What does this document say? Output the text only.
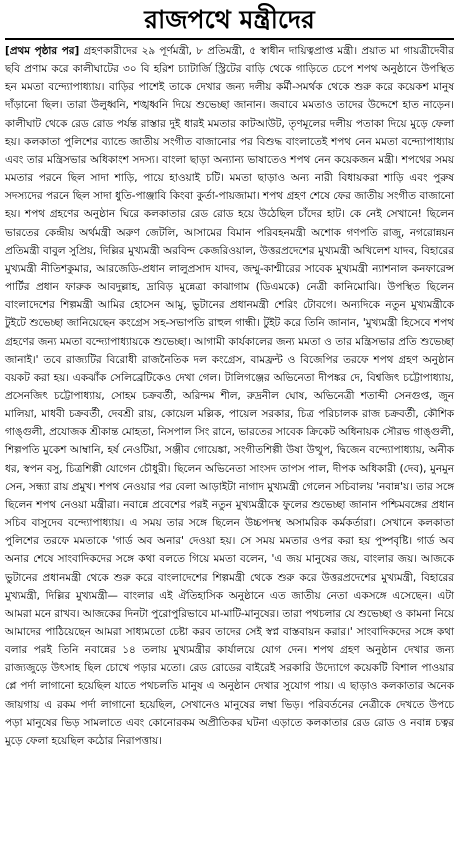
রাজপথে মন্ত্রীদের
[প্রথম পৃষ্ঠার পর] গ্রহণকারীদের ২৯ পূর্ণমন্ত্রী, ৮ প্রতিমন্ত্রী, ৫ স্বাধীন দায়িত্বপ্রাপ্ত মন্ত্রী। প্রয়াত মা গায়ত্রীদেবীর ছবি প্রণাম করে কালীঘাটের ৩০ বি হরিশ চ্যাটার্জি স্ট্রিটের বাড়ি থেকে গাড়িতে চেপে শপথ অনুষ্ঠানে উপস্থিত হন মমতা বন্দ্যোপাধ্যায়। বাড়ির পাশেই তাকে দেখার জন্য দলীয় কর্মী-সমর্থক থেকে শুরু করে কয়েকশ মানুষ দাঁড়ানো ছিল। তারা উলুধ্বনি, শঙ্খধ্বনি দিয়ে শুভেচ্ছা জানান। জবাবে মমতাও তাদের উদ্দেশে হাত নাড়েন। কালীঘাট থেকে রেড রোড পর্যন্ত রাস্তার দুই ধারই মমতার কাটআউট, তৃণমূলের দলীয় পতাকা দিয়ে মুড়ে ফেলা হয়। কলকাতা পুলিশের ব্যান্ডে জাতীয় সংগীত বাজানোর পর বিশুদ্ধ বাংলাতেই শপথ নেন মমতা বন্দ্যোপাধ্যায় এবং তার মন্ত্রিসভার অধিকাংশ সদস্য। বাংলা ছাড়া অন্যান্য ভাষাতেও শপথ নেন কয়েকজন মন্ত্রী। শপথের সময় মমতার পরনে ছিল সাদা শাড়ি, পায়ে হাওয়াই চটি। মমতা ছাড়াও অন্য নারী বিধায়করা শাড়ি এবং পুরুষ সদস্যদের পরনে ছিল সাদা ধুতি-পাঞ্জাবি কিংবা কুর্তা-পায়জামা। শপথ গ্রহণ শেষে ফের জাতীয় সংগীত বাজানো হয়। শপথ গ্রহণের অনুষ্ঠান ঘিরে কলকাতার রেড রোড হয়ে উঠেছিল চাঁদের হাট। কে নেই সেখানে! ছিলেন ভারতের কেন্দ্রীয় অর্থমন্ত্রী অরুণ জেটলি, আসামের বিমান পরিবহনমন্ত্রী অশোক গণপতি রাজু, নগরোন্নয়ন প্রতিমন্ত্রী বাবুল সুপ্রিয়, দিল্লির মুখ্যমন্ত্রী অরবিন্দ কেজরিওয়াল, উত্তরপ্রদেশের মুখ্যমন্ত্রী অখিলেশ যাদব, বিহারের মুখ্যমন্ত্রী নীতিশকুমার, আরজেডি-প্রধান লালুপ্রসাদ যাদব, জম্মু-কাশ্মীরের সাবেক মুখ্যমন্ত্রী ন্যাশনাল কনফারেন্স পার্টির প্রধান ফারুক আবদুল্লাহ, দ্রাবিড় মুন্নেত্রা কাঝাগাম (ডিএমকে) নেত্রী কানিমোঝি। উপস্থিত ছিলেন বাংলাদেশের শিল্পমন্ত্রী আমির হোসেন আমু, ভুটানের প্রধানমন্ত্রী শেরিং টোবগে। অন্যদিকে নতুন মুখ্যমন্ত্রীকে টুইটে শুভেচ্ছা জানিয়েছেন কংগ্রেস সহ-সভাপতি রাহুল গান্ধী। টুইট করে তিনি জানান, 'মুখ্যমন্ত্রী হিসেবে শপথ গ্রহণের জন্য মমতা বন্দ্যোপাধ্যায়কে শুভেচ্ছা। আগামী কার্যকালের জন্য মমতা ও তার মন্ত্রিসভার প্রতি শুভেচ্ছা জানাই।' তবে রাজ্যটির বিরোধী রাজনৈতিক দল কংগ্রেস, বামফ্রন্ট ও বিজেপির তরফে শপথ গ্রহণ অনুষ্ঠান বয়কট করা হয়। একঝাঁক সেলিব্রেটিকেও দেখা গেল। টালিগঞ্জের অভিনেতা দীপঙ্কর দে, বিশ্বজিৎ চট্টোপাধ্যায়, প্রসেনজিৎ চট্টোপাধ্যায়, সোহম চক্রবর্তী, অরিন্দম শীল, রুদ্রনীল ঘোষ, অভিনেত্রী শতাব্দী সেনগুপ্ত, জুন মালিয়া, মাধবী চক্রবর্তী, দেবশ্রী রায়, কোয়েল মল্লিক, পায়েল সরকার, চিত্র পরিচালক রাজ চক্রবর্তী, কৌশিক গাঙ্গুলী, প্রযোজক শ্রীকান্ত মোহতা, নিসপাল সিং রানে, ভারতের সাবেক ক্রিকেট অধিনায়ক সৌরভ গাঙ্গুলী, শিল্পপতি মুকেশ আম্বানি, হর্ষ নেওটিয়া, সঞ্জীব গোয়েঙ্কা, সংগীতশিল্পী উষা উত্থুপ, দ্বিজেন বন্দ্যোপাধ্যায়, অনীক ধর, স্বপন বসু, চিত্রশিল্পী যোগেন চৌধুরী। ছিলেন অভিনেতা সাংসদ তাপস পাল, দীপক অধিকারী (দেব), মুনমুন সেন, সন্ধ্যা রায় প্রমুখ। শপথ নেওয়ার পর বেলা আড়াইটা নাগাদ মুখ্যমন্ত্রী গেলেন সচিবালয় 'নবান্ন'য়। তার সঙ্গে ছিলেন শপথ নেওয়া মন্ত্রীরা। নবান্নে প্রবেশের পরই নতুন মুখ্যমন্ত্রীকে ফুলের শুভেচ্ছা জানান পশ্চিমবঙ্গের প্রধান সচিব বাসুদেব বন্দ্যোপাধ্যায়। এ সময় তার সঙ্গে ছিলেন উচ্চপদস্থ অসামরিক কর্মকর্তারা। সেখানে কলকাতা পুলিশের তরফে মমতাকে 'গার্ড অব অনার' দেওয়া হয়। সে সময় মমতার ওপর করা হয় পুষ্পবৃষ্টি। গার্ড অব অনার শেষে সাংবাদিকদের সঙ্গে কথা বলতে গিয়ে মমতা বলেন, 'এ জয় মানুষের জয়, বাংলার জয়। আজকে ভুটানের প্রধানমন্ত্রী থেকে শুরু করে বাংলাদেশের শিল্পমন্ত্রী থেকে শুরু করে উত্তরপ্রদেশের মুখ্যমন্ত্রী, বিহারের মুখ্যমন্ত্রী, দিল্লির মুখ্যমন্ত্রী— বাংলার এই ঐতিহাসিক অনুষ্ঠানে এত জাতীয় নেতা একসঙ্গে এসেছেন। এটা আমরা মনে রাখব। আজকের দিনটা পুরোপুরিভাবে মা-মাটি-মানুষের। তারা পথচলার যে শুভেচ্ছা ও কামনা নিয়ে আমাদের পাঠিয়েছেন আমরা সাধ্যমতো চেষ্টা করব তাদের সেই স্বপ্ন বাস্তবায়ন করার।' সাংবাদিকদের সঙ্গে কথা বলার পরই তিনি নবান্নের ১৪ তলায় মুখ্যমন্ত্রীর কার্যালয়ে যোগ দেন। শপথ গ্রহণ অনুষ্ঠান দেখার জন্য রাজ্যজুড়ে উৎসাহ ছিল চোখে পড়ার মতো। রেড রোডের বাইরেই সরকারি উদ্যোগে কয়েকটি বিশাল পাওয়ার প্লে পর্দা লাগানো হয়েছিল যাতে পথচলতি মানুষ এ অনুষ্ঠান দেখার সুযোগ পায়। এ ছাড়াও কলকাতার অনেক জায়গায় এ রকম পর্দা লাগানো হয়েছিল, সেখানেও মানুষের লম্বা ভিড়। পরিবর্তনের নেত্রীকে দেখতে উপচে পড়া মানুষের ভিড় সামলাতে এবং কোনোরকম অপ্রীতিকর ঘটনা এড়াতে কলকাতার রেড রোড ও নবান্ন চত্বর মুড়ে ফেলা হয়েছিল কঠোর নিরাপত্তায়।
